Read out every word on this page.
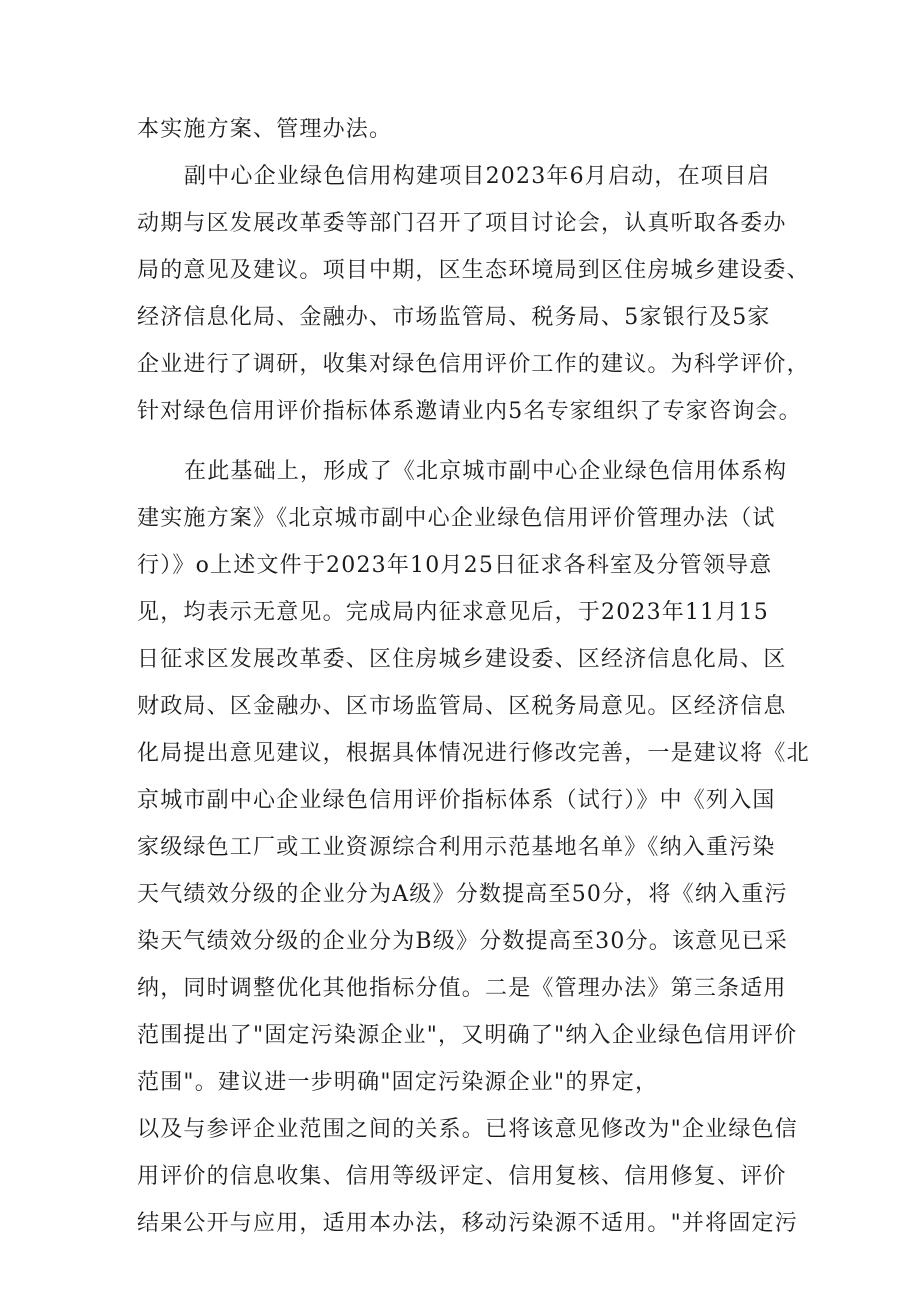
本实施方案、管理办法。
副中心企业绿色信用构建项目2023年6月启动，在项目启
动期与区发展改革委等部门召开了项目讨论会，认真听取各委办
局的意见及建议。项目中期，区生态环境局到区住房城乡建设委、
经济信息化局、金融办、市场监管局、税务局、5家银行及5家
企业进行了调研，收集对绿色信用评价工作的建议。为科学评价，
针对绿色信用评价指标体系邀请业内5名专家组织了专家咨询会。
在此基础上，形成了《北京城市副中心企业绿色信用体系构
建实施方案》《北京城市副中心企业绿色信用评价管理办法（试
行）》o上述文件于2023年10月25日征求各科室及分管领导意
见，均表示无意见。完成局内征求意见后，于2023年11月15
日征求区发展改革委、区住房城乡建设委、区经济信息化局、区
财政局、区金融办、区市场监管局、区税务局意见。区经济信息
化局提出意见建议，根据具体情况进行修改完善，一是建议将《北
京城市副中心企业绿色信用评价指标体系（试行）》中《列入国
家级绿色工厂或工业资源综合利用示范基地名单》《纳入重污染
天气绩效分级的企业分为A级》分数提高至50分，将《纳入重污
染天气绩效分级的企业分为B级》分数提高至30分。该意见已采
纳，同时调整优化其他指标分值。二是《管理办法》第三条适用
范围提出了"固定污染源企业"，又明确了"纳入企业绿色信用评价
范围"。建议进一步明确"固定污染源企业"的界定，
以及与参评企业范围之间的关系。已将该意见修改为"企业绿色信
用评价的信息收集、信用等级评定、信用复核、信用修复、评价
结果公开与应用，适用本办法，移动污染源不适用。"并将固定污
